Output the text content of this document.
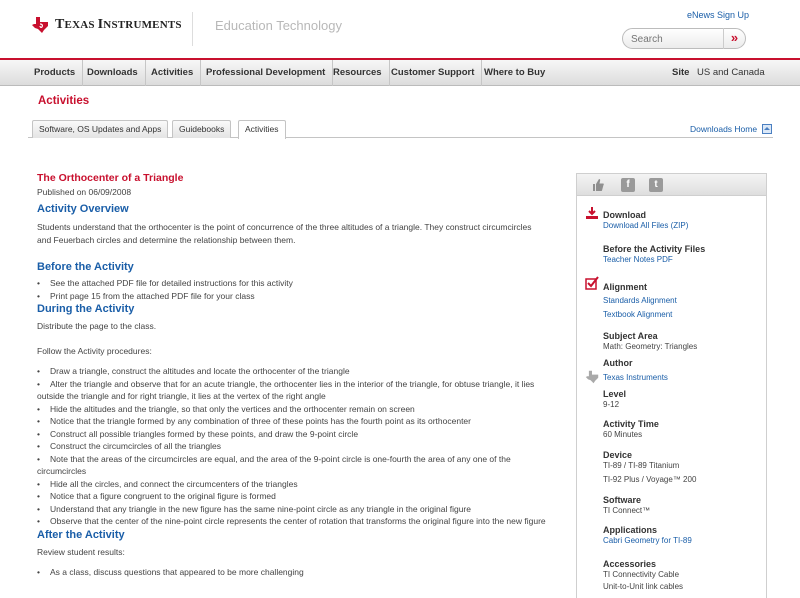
TEXAS INSTRUMENTS	Education Technology
eNews Sign Up
Search
»
Products	Downloads	Activities	Professional Development Resources Customer Support	Where to Buy	Site US and Canada
Activities
Software, OS Updates and Apps	Guidebooks	Activities	Downloads Home
The Orthocenter of a Triangle
Published on 06/09/2008
Activity Overview
Students understand that the orthocenter is the point of concurrence of the three altitudes of a triangle. They construct circumcircles and Feuerbach circles and determine the relationship between them.
Before the Activity
• See the attached PDF file for detailed instructions for this activity
• Print page 15 from the attached PDF file for your class
During the Activity
Distribute the page to the class.
Follow the Activity procedures:
• Draw a triangle, construct the altitudes and locate the orthocenter of the triangle
• Alter the triangle and observe that for an acute triangle, the orthocenter lies in the interior of the triangle, for obtuse triangle, it lies outside the triangle and for right triangle, it lies at the vertex of the right angle
• Hide the altitudes and the triangle, so that only the vertices and the orthocenter remain on screen
• Notice that the triangle formed by any combination of three of these points has the fourth point as its orthocenter
• Construct all possible triangles formed by these points, and draw the 9-point circle
• Construct the circumcircles of all the triangles
• Note that the areas of the circumcircles are equal, and the area of the 9-point circle is one-fourth the area of any one of the circumcircles
• Hide all the circles, and connect the circumcenters of the triangles
• Notice that a figure congruent to the original figure is formed
• Understand that any triangle in the new figure has the same nine-point circle as any triangle in the original figure
• Observe that the center of the nine-point circle represents the center of rotation that transforms the original figure into the new figure
After the Activity
Review student results:
• As a class, discuss questions that appeared to be more challenging
f	t
Download
Download All Files (ZIP)
Before the Activity Files
Teacher Notes PDF
Alignment
Standards Alignment
Textbook Alignment
Subject Area
Math: Geometry: Triangles
Author
Texas Instruments
Level
9-12
Activity Time
60 Minutes
Device
TI-89 / TI-89 Titanium
TI-92 Plus / Voyage™ 200
Software
TI Connect™
Applications
Cabri Geometry for TI-89
Accessories
TI Connectivity Cable
Unit-to-Unit link cables
